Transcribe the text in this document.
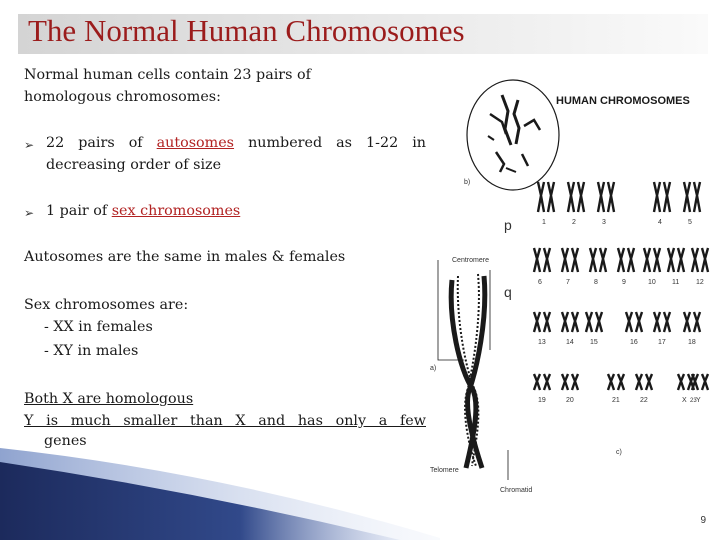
The Normal Human Chromosomes
Normal human cells contain 23 pairs of
homologous chromosomes:
➢ 22 pairs of autosomes numbered as 1-22 in
decreasing order of size
➢ 1 pair of sex chromosomes
Autosomes are the same in males & females
Sex chromosomes are:
- XX in females
- XY in males
Both X are homologous
Y is much smaller than X and has only a few
genes
b)
HUMAN CHROMOSOMES
p
q
Centromere
a)
Telomere
Chromatid
1	2	3	4	5
6	7	8	9	10 11 12
13	14 15	16	17	18
19	20	21	22	X 23 Y
c)
9
